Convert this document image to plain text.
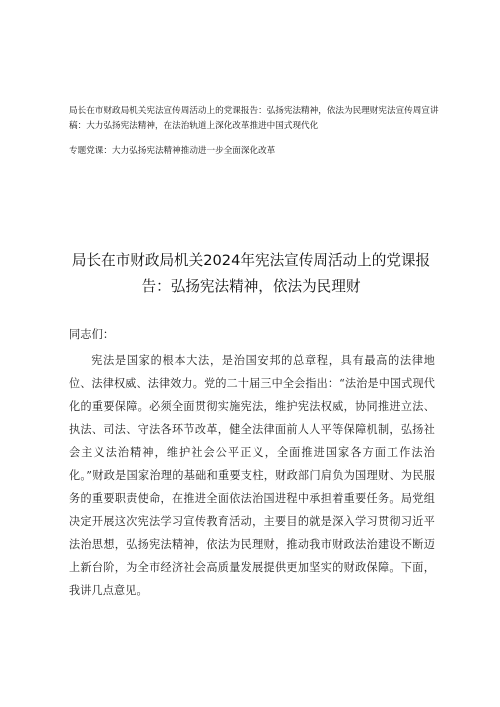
局长在市财政局机关宪法宣传周活动上的党课报告：弘扬宪法精神，依法为民理财宪法宣传周宣讲稿：大力弘扬宪法精神，在法治轨道上深化改革推进中国式现代化
专题党课：大力弘扬宪法精神推动进一步全面深化改革
局长在市财政局机关2024年宪法宣传周活动上的党课报告：弘扬宪法精神，依法为民理财
同志们：

宪法是国家的根本大法，是治国安邦的总章程，具有最高的法律地位、法律权威、法律效力。党的二十届三中全会指出：“法治是中国式现代化的重要保障。必须全面贯彻实施宪法，维护宪法权威，协同推进立法、执法、司法、守法各环节改革，健全法律面前人人平等保障机制，弘扬社会主义法治精神，维护社会公平正义，全面推进国家各方面工作法治化。”财政是国家治理的基础和重要支柱，财政部门肩负为国理财、为民服务的重要职责使命，在推进全面依法治国进程中承担着重要任务。局党组决定开展这次宪法学习宣传教育活动，主要目的就是深入学习贯彻习近平法治思想，弘扬宪法精神，依法为民理财，推动我市财政法治建设不断迈上新台阶，为全市经济社会高质量发展提供更加坚实的财政保障。下面，我讲几点意见。
